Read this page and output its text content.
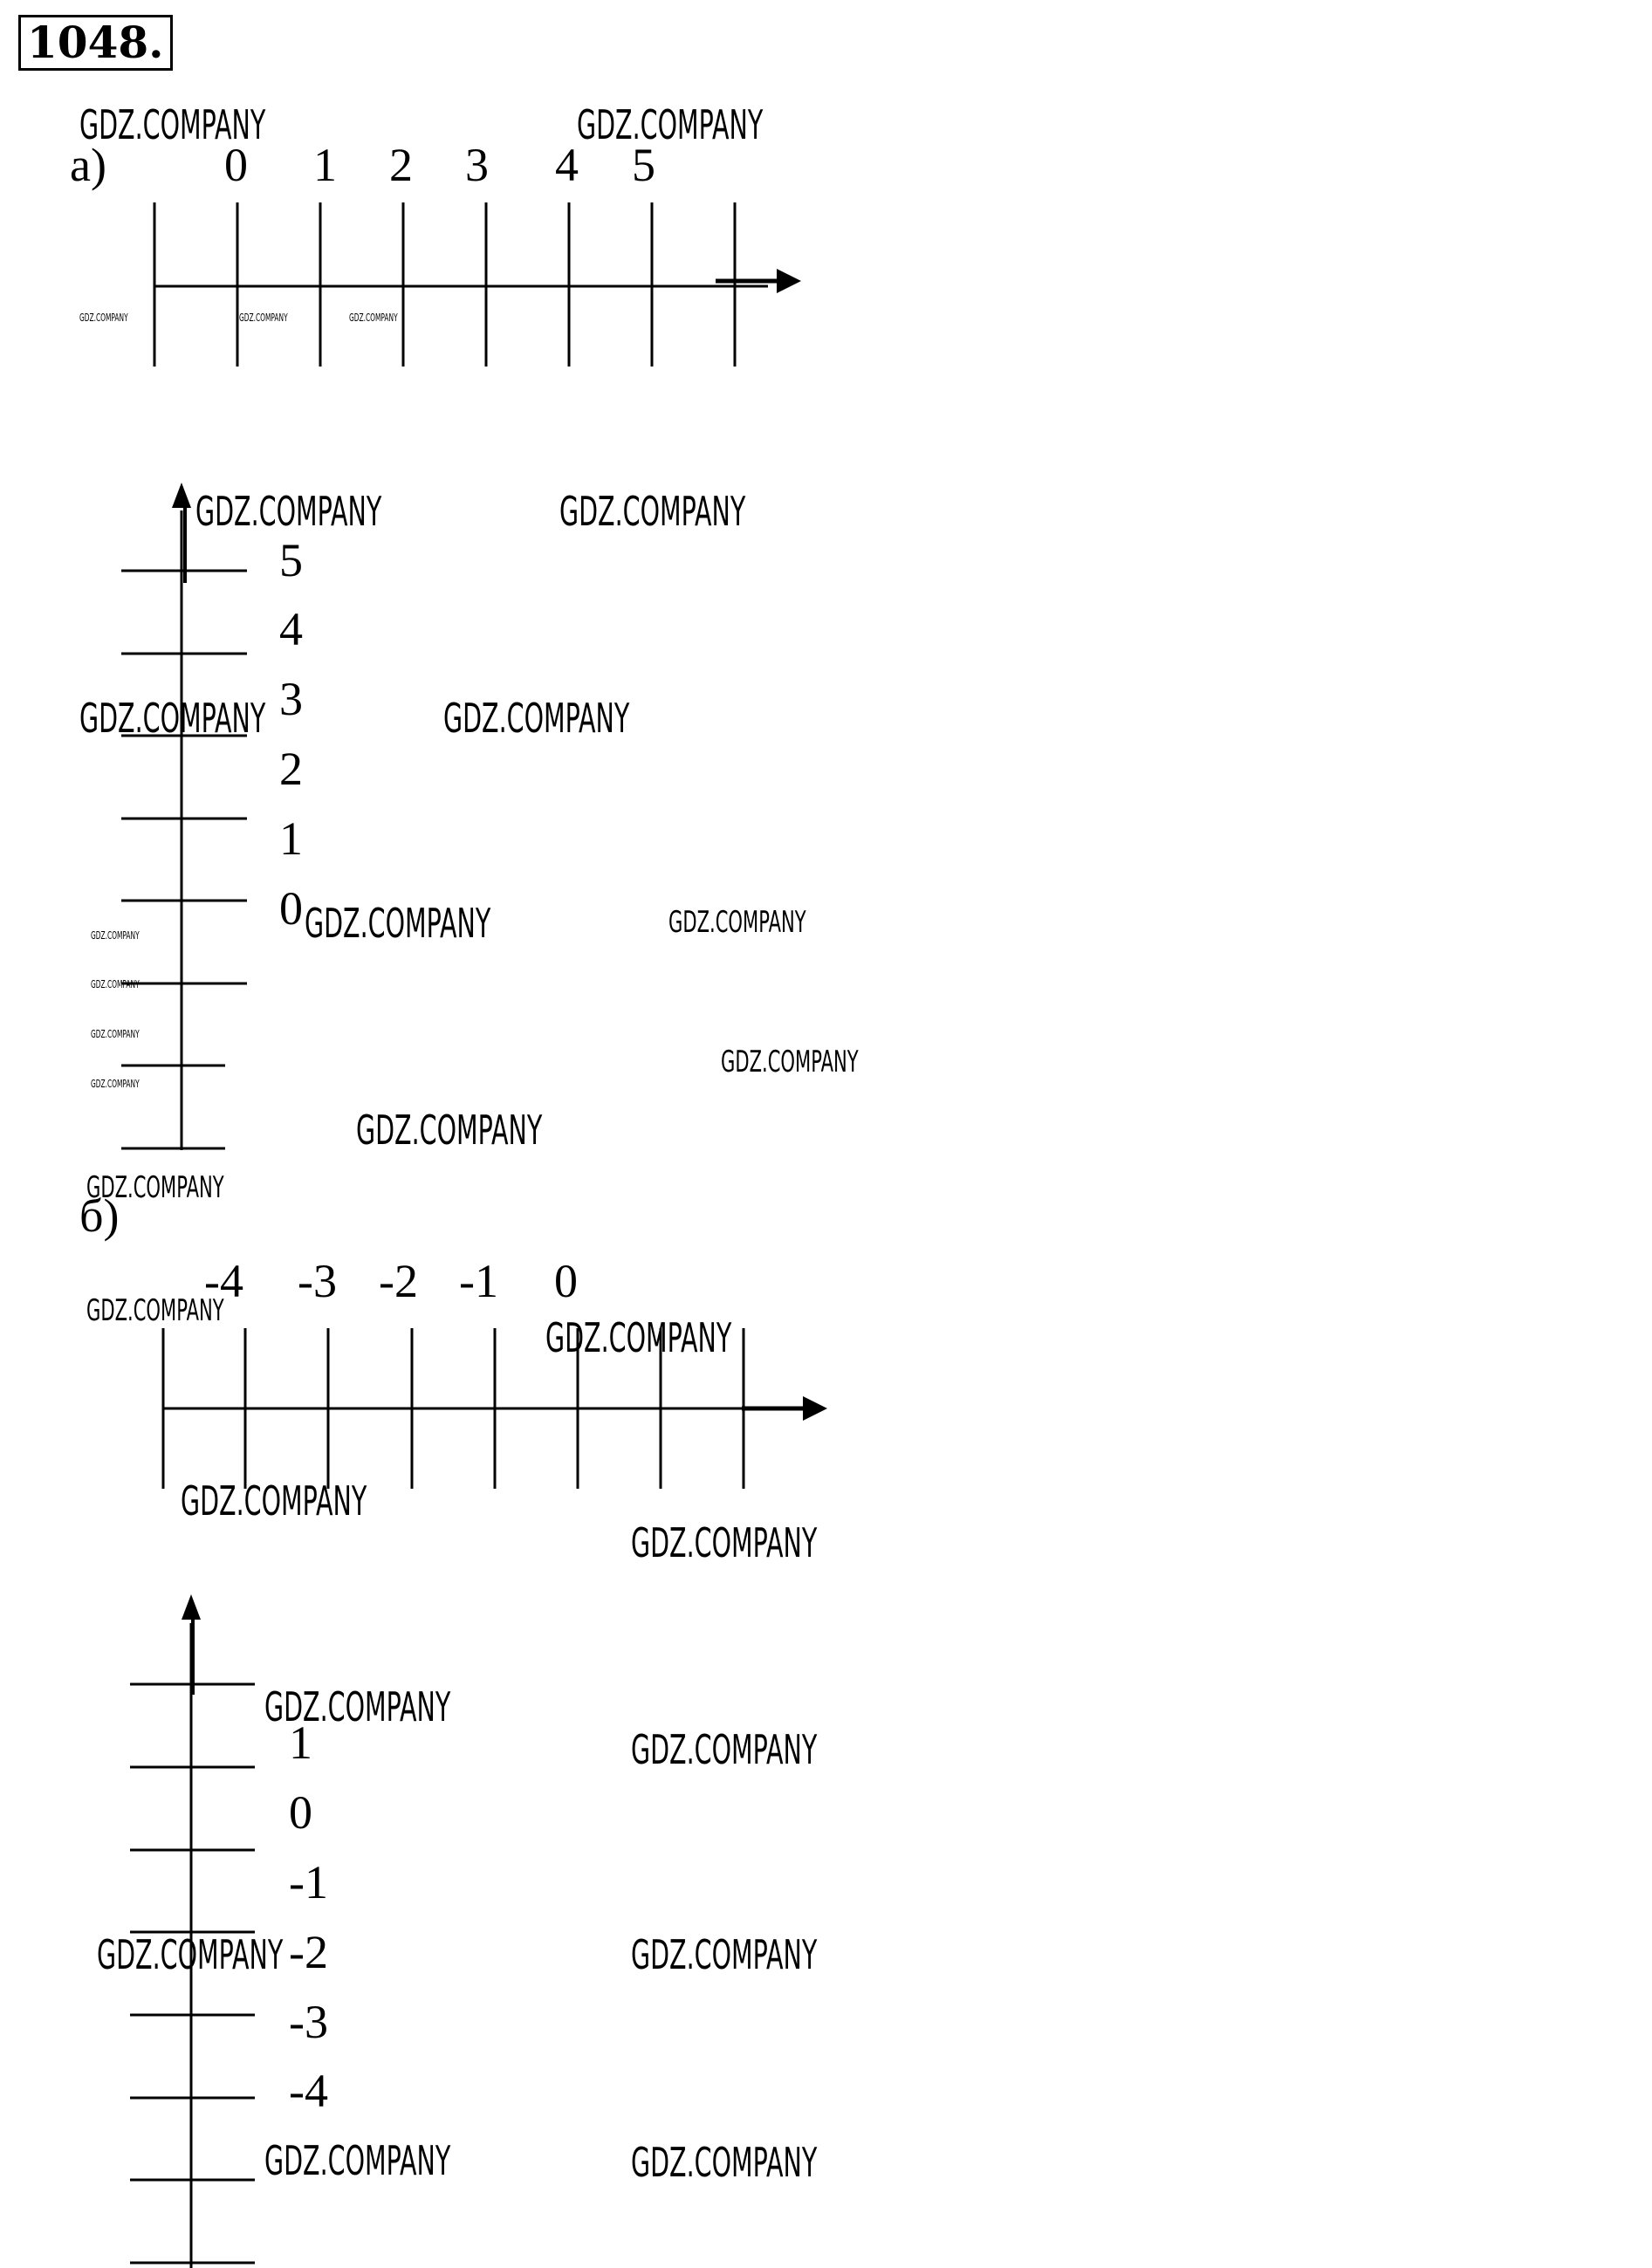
1048.
а)
б)
0 1 2 3 4 5
5
4
3
2
1
0
-4 -3 -2 -1 0
1
0
-1
-2
-3
-4
GDZ.COMPANY	GDZ.COMPANY
GDZ.COMPANY	GDZ.COMPANY	GDZ.COMPANY
GDZ.COMPANY	GDZ.COMPANY
GDZ.COMPANY	GDZ.COMPANY
GDZ.COMPANY	GDZ.COMPANY
GDZ.COMPANY
GDZ.COMPANY
GDZ.COMPANY
GDZ.COMPANY
GDZ.COMPANY
GDZ.COMPANY
GDZ.COMPANY
GDZ.COMPANY
GDZ.COMPANY
GDZ.COMPANY
GDZ.COMPANY
GDZ.COMPANY
GDZ.COMPANY
GDZ.COMPANY	GDZ.COMPANY
GDZ.COMPANY	GDZ.COMPANY
